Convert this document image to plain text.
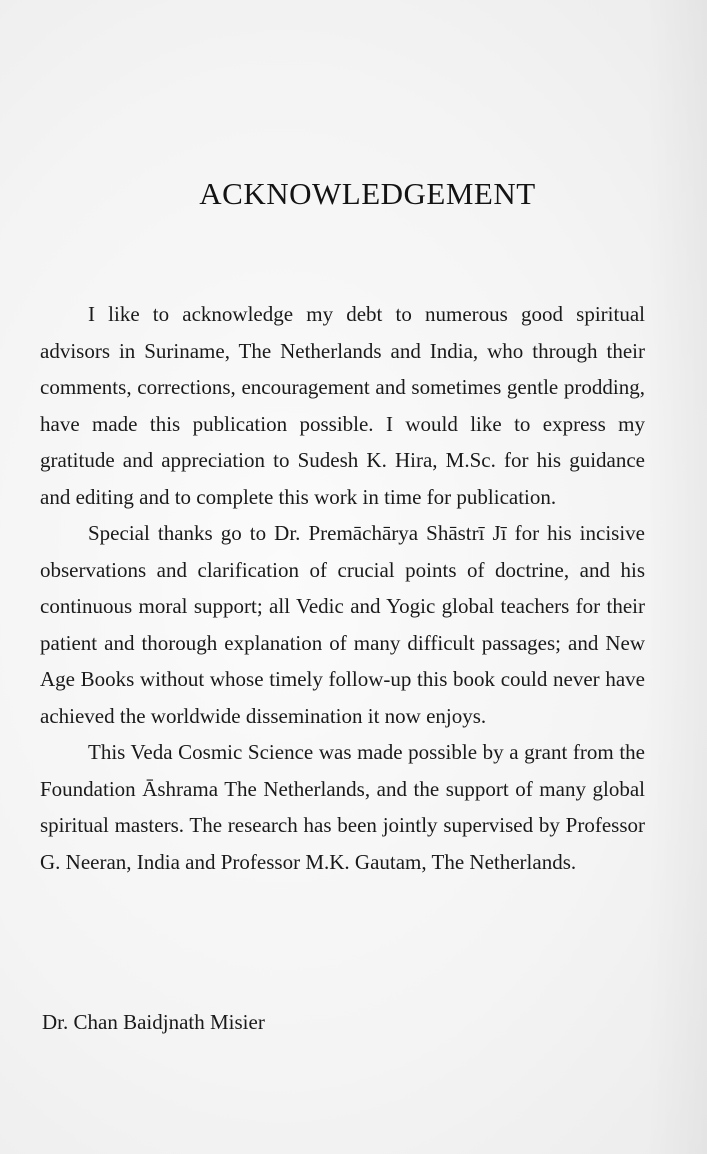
ACKNOWLEDGEMENT

I like to acknowledge my debt to numerous good spiritual advisors in Suriname, The Netherlands and India, who through their comments, corrections, encouragement and sometimes gentle prodding, have made this publication possible. I would like to express my gratitude and appreciation to Sudesh K. Hira, M.Sc. for his guidance and editing and to complete this work in time for publication.

Special thanks go to Dr. Premāchārya Shāstrī Jī for his incisive observations and clarification of crucial points of doctrine, and his continuous moral support; all Vedic and Yogic global teachers for their patient and thorough explanation of many difficult passages; and New Age Books without whose timely follow-up this book could never have achieved the worldwide dissemination it now enjoys.

This Veda Cosmic Science was made possible by a grant from the Foundation Āshrama The Netherlands, and the support of many global spiritual masters. The research has been jointly supervised by Professor G. Neeran, India and Professor M.K. Gautam, The Netherlands.

Dr. Chan Baidjnath Misier
